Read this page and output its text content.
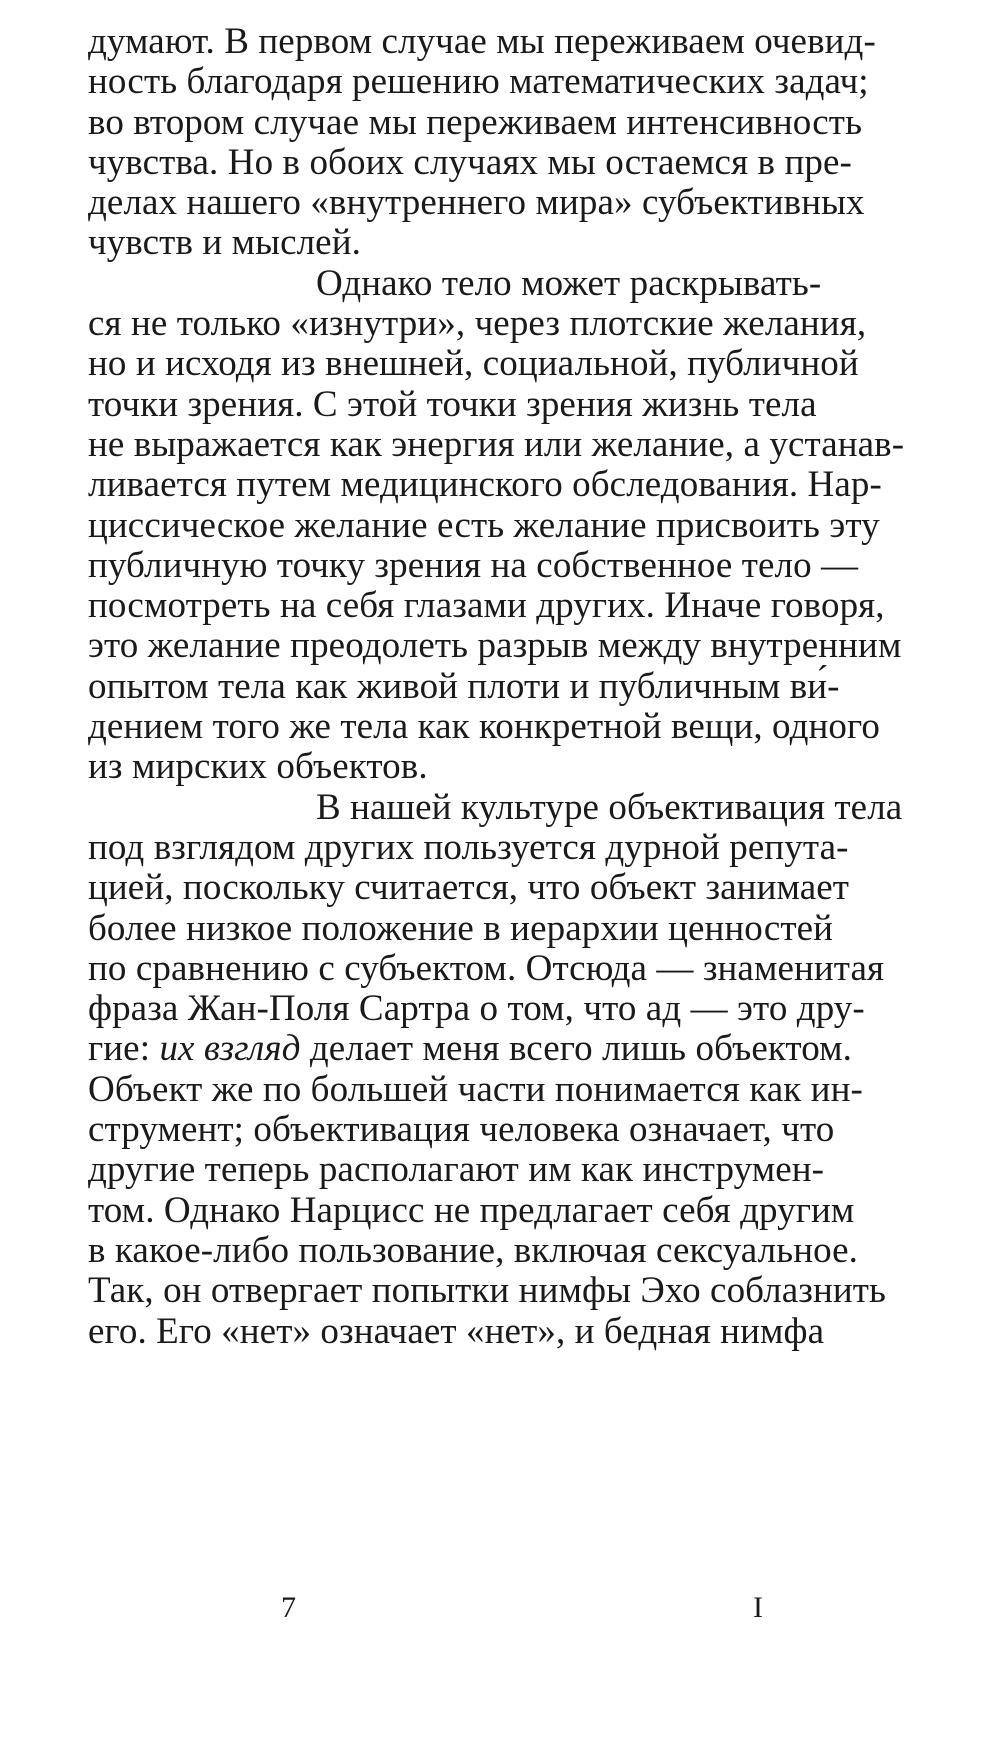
думают. В первом случае мы переживаем очевид-
ность благодаря решению математических задач;
во втором случае мы переживаем интенсивность
чувства. Но в обоих случаях мы остаемся в пре-
делах нашего «внутреннего мира» субъективных
чувств и мыслей.
Однако тело может раскрывать-
ся не только «изнутри», через плотские желания,
но и исходя из внешней, социальной, публичной
точки зрения. С этой точки зрения жизнь тела
не выражается как энергия или желание, а устанав-
ливается путем медицинского обследования. Нар-
циссическое желание есть желание присвоить эту
публичную точку зрения на собственное тело —
посмотреть на себя глазами других. Иначе говоря,
это желание преодолеть разрыв между внутренним
опытом тела как живой плоти и публичным ви́-
дением того же тела как конкретной вещи, одного
из мирских объектов.
В нашей культуре объективация тела
под взглядом других пользуется дурной репута-
цией, поскольку считается, что объект занимает
более низкое положение в иерархии ценностей
по сравнению с субъектом. Отсюда — знаменитая
фраза Жан-Поля Сартра о том, что ад — это дру-
гие: их взгляд делает меня всего лишь объектом.
Объект же по большей части понимается как ин-
струмент; объективация человека означает, что
другие теперь располагают им как инструмен-
том. Однако Нарцисс не предлагает себя другим
в какое-либо пользование, включая сексуальное.
Так, он отвергает попытки нимфы Эхо соблазнить
его. Его «нет» означает «нет», и бедная нимфа
7	I
